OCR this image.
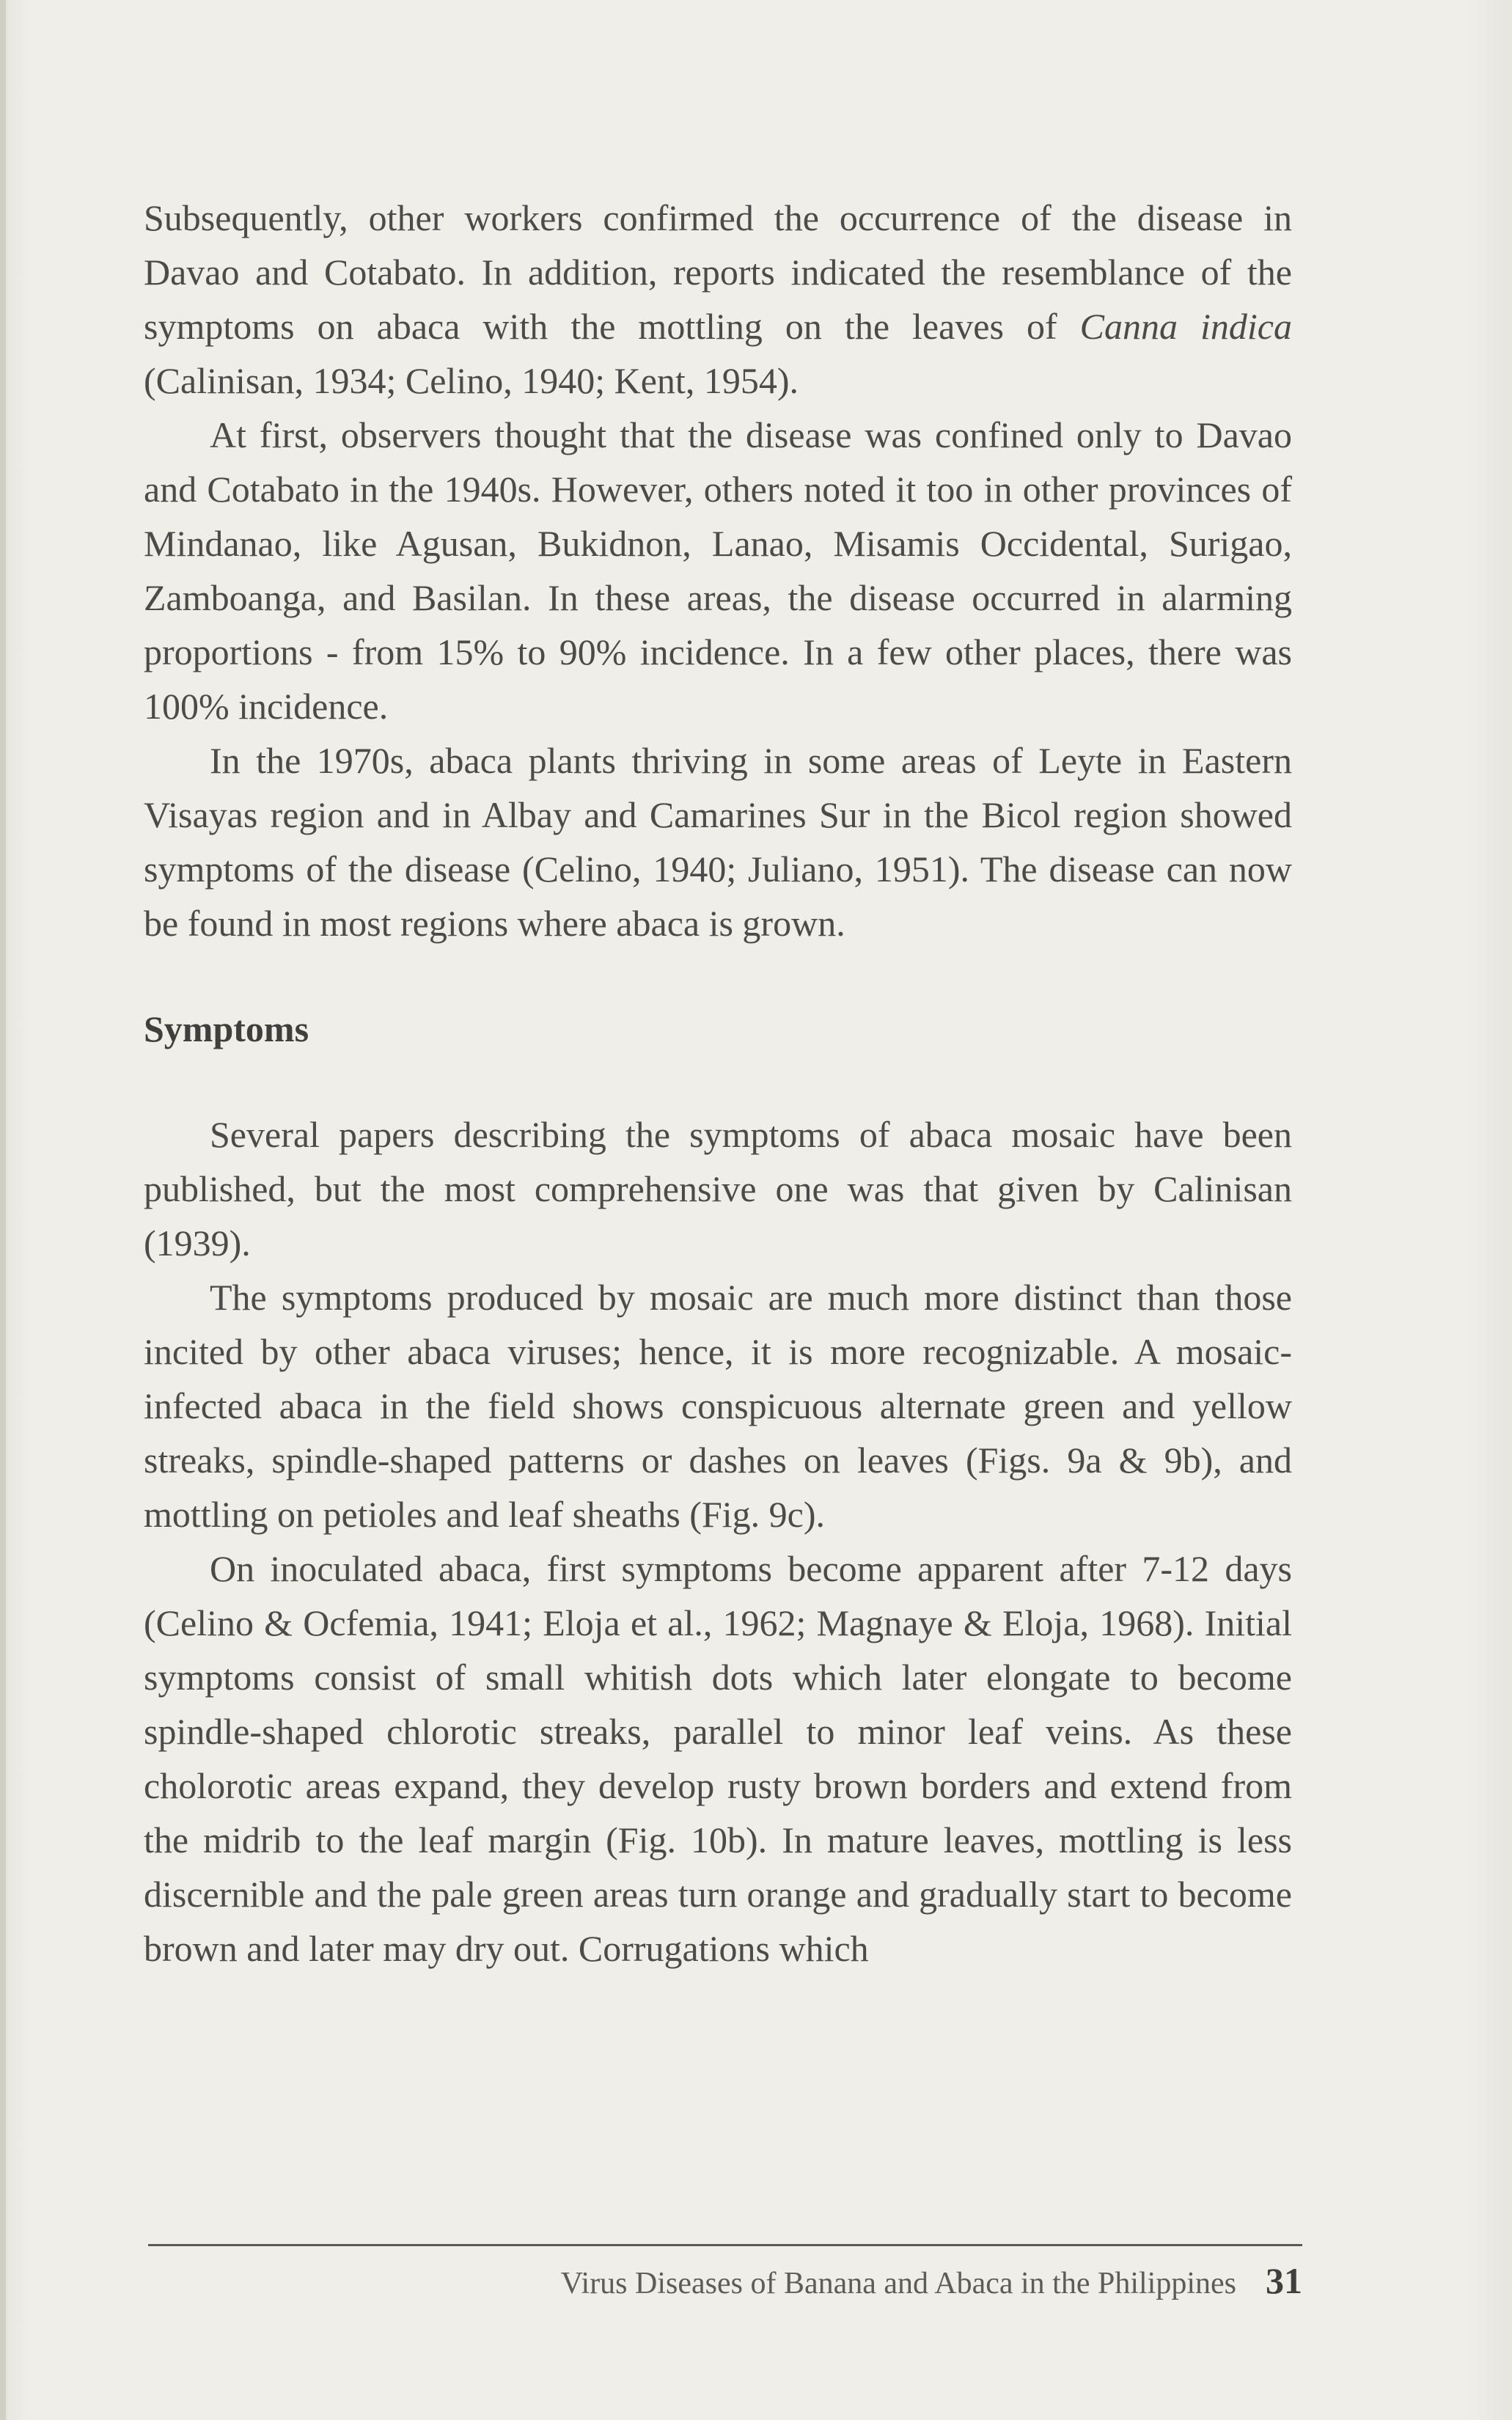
Subsequently, other workers confirmed the occurrence of the disease in Davao and Cotabato. In addition, reports indicated the resemblance of the symptoms on abaca with the mottling on the leaves of Canna indica (Calinisan, 1934; Celino, 1940; Kent, 1954).

At first, observers thought that the disease was confined only to Davao and Cotabato in the 1940s. However, others noted it too in other provinces of Mindanao, like Agusan, Bukidnon, Lanao, Misamis Occidental, Surigao, Zamboanga, and Basilan. In these areas, the disease occurred in alarming proportions - from 15% to 90% incidence. In a few other places, there was 100% incidence.

In the 1970s, abaca plants thriving in some areas of Leyte in Eastern Visayas region and in Albay and Camarines Sur in the Bicol region showed symptoms of the disease (Celino, 1940; Juliano, 1951). The disease can now be found in most regions where abaca is grown.

Symptoms

Several papers describing the symptoms of abaca mosaic have been published, but the most comprehensive one was that given by Calinisan (1939).

The symptoms produced by mosaic are much more distinct than those incited by other abaca viruses; hence, it is more recognizable. A mosaic-infected abaca in the field shows conspicuous alternate green and yellow streaks, spindle-shaped patterns or dashes on leaves (Figs. 9a & 9b), and mottling on petioles and leaf sheaths (Fig. 9c).

On inoculated abaca, first symptoms become apparent after 7-12 days (Celino & Ocfemia, 1941; Eloja et al., 1962; Magnaye & Eloja, 1968). Initial symptoms consist of small whitish dots which later elongate to become spindle-shaped chlorotic streaks, parallel to minor leaf veins. As these cholorotic areas expand, they develop rusty brown borders and extend from the midrib to the leaf margin (Fig. 10b). In mature leaves, mottling is less discernible and the pale green areas turn orange and gradually start to become brown and later may dry out. Corrugations which

Virus Diseases of Banana and Abaca in the Philippines 31
